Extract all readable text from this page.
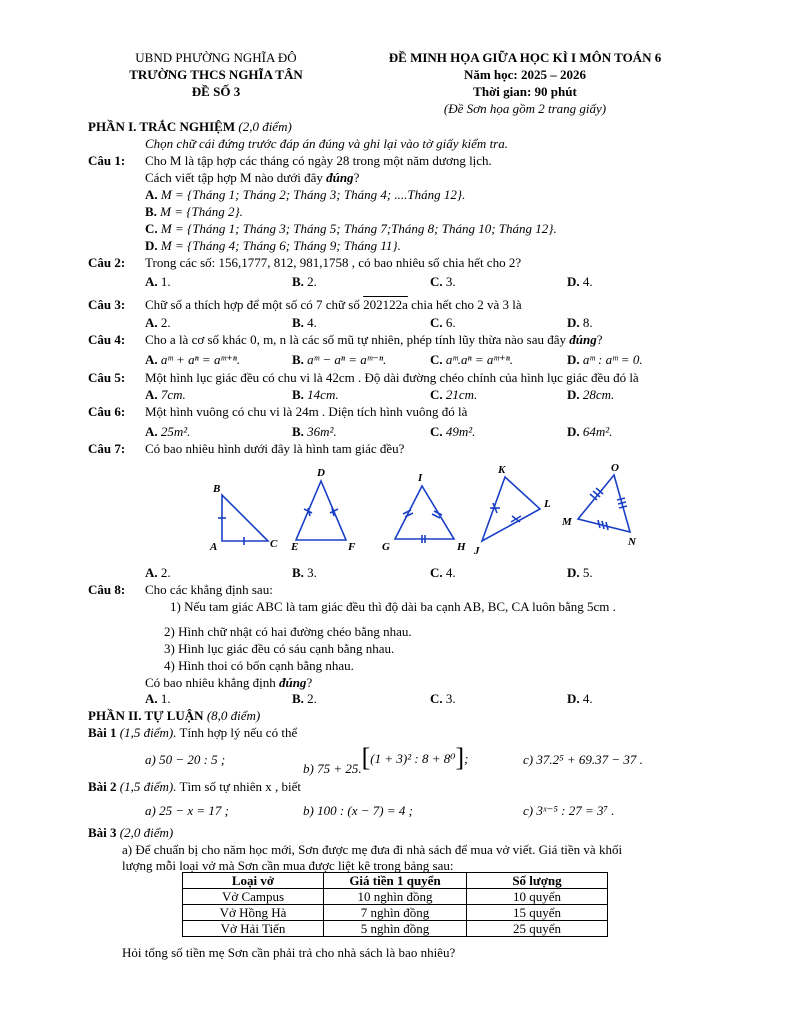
UBND PHƯỜNG NGHĨA ĐÔ
TRƯỜNG THCS NGHĨA TÂN
ĐỀ SỐ 3
ĐỀ MINH HỌA GIỮA HỌC KÌ I MÔN TOÁN 6
Năm học: 2025 – 2026
Thời gian: 90 phút
(Đề Sơn họa gồm 2 trang giấy)
PHẦN I. TRẮC NGHIỆM (2,0 điểm)
Chọn chữ cái đứng trước đáp án đúng và ghi lại vào tờ giấy kiểm tra.
Câu 1: Cho M là tập hợp các tháng có ngày 28 trong một năm dương lịch.
Cách viết tập hợp M nào dưới đây đúng?
A. M = {Tháng 1; Tháng 2; Tháng 3; Tháng 4; ....Tháng 12}.
B. M = {Tháng 2}.
C. M = {Tháng 1; Tháng 3; Tháng 5; Tháng 7;Tháng 8; Tháng 10; Tháng 12}.
D. M = {Tháng 4; Tháng 6; Tháng 9; Tháng 11}.
Câu 2: Trong các số: 156,1777, 812, 981,1758 , có bao nhiêu số chia hết cho 2?
A. 1.	B. 2.	C. 3.	D. 4.
Câu 3: Chữ số a thích hợp để một số có 7 chữ số 202122a chia hết cho 2 và 3 là
A. 2.	B. 4.	C. 6.	D. 8.
Câu 4: Cho a là cơ số khác 0, m, n là các số mũ tự nhiên, phép tính lũy thừa nào sau đây đúng?
A. aᵐ + aⁿ = aᵐ⁺ⁿ.	B. aᵐ − aⁿ = aᵐ⁻ⁿ.	C. aᵐ.aⁿ = aᵐ⁺ⁿ.	D. aᵐ : aᵐ = 0.
Câu 5: Một hình lục giác đều có chu vi là 42cm . Độ dài đường chéo chính của hình lục giác đều đó là
A. 7cm.	B. 14cm.	C. 21cm.	D. 28cm.
Câu 6: Một hình vuông có chu vi là 24m . Diện tích hình vuông đó là
A. 25m².	B. 36m².	C. 49m².	D. 64m².
Câu 7: Có bao nhiêu hình dưới đây là hình tam giác đều?
B
A	C
D
E	F
I
G	H
K
L
J
O
M
N
A. 2.	B. 3.	C. 4.	D. 5.
Câu 8: Cho các khẳng định sau:
1) Nếu tam giác ABC là tam giác đều thì độ dài ba cạnh AB, BC, CA luôn bằng 5cm .
2) Hình chữ nhật có hai đường chéo bằng nhau.
3) Hình lục giác đều có sáu cạnh bằng nhau.
4) Hình thoi có bốn cạnh bằng nhau.
Có bao nhiêu khẳng định đúng?
A. 1.	B. 2.	C. 3.	D. 4.
PHẦN II. TỰ LUẬN (8,0 điểm)
Bài 1 (1,5 điểm). Tính hợp lý nếu có thể
a) 50 − 20 : 5 ;
b) 75 + 25.[(1 + 3)² : 8 + 8⁰];	c) 37.2⁵ + 69.37 − 37 .
Bài 2 (1,5 điểm). Tìm số tự nhiên x , biết
a) 25 − x = 17 ;	b) 100 : (x − 7) = 4 ;	c) 3ˣ⁻⁵ : 27 = 3⁷ .
Bài 3 (2,0 điểm)
a) Để chuẩn bị cho năm học mới, Sơn được mẹ đưa đi nhà sách để mua vở viết. Giá tiền và khối
lượng mỗi loại vở mà Sơn cần mua được liệt kê trong bảng sau:
Loại vở	Giá tiền 1 quyển	Số lượng
Vở Campus	10 nghìn đồng	10 quyển
Vở Hồng Hà	7 nghìn đồng	15 quyển
Vở Hải Tiến	5 nghìn đồng	25 quyển
Hỏi tổng số tiền mẹ Sơn cần phải trả cho nhà sách là bao nhiêu?
